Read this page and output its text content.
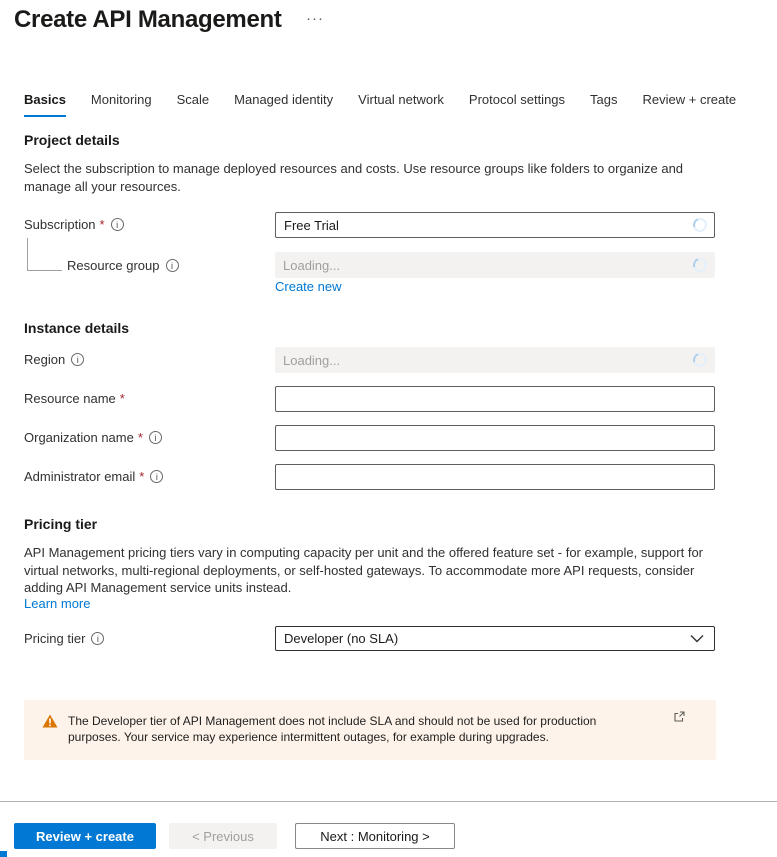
Create API Management ···
Basics Monitoring Scale Managed identity Virtual network Protocol settings Tags Review + create
Project details
Select the subscription to manage deployed resources and costs. Use resource groups like folders to organize and manage all your resources.
Subscription *	i
Free Trial
Resource group	i	Loading...
Create new
Instance details
Region	i	Loading...
Resource name *
Organization name *	i
Administrator email *	i
Pricing tier
API Management pricing tiers vary in computing capacity per unit and the offered feature set - for example, support for virtual networks, multi-regional deployments, or self-hosted gateways. To accommodate more API requests, consider adding API Management service units instead.
Learn more
Pricing tier	i	Developer (no SLA)
The Developer tier of API Management does not include SLA and should not be used for production purposes. Your service may experience intermittent outages, for example during upgrades.
Review + create	< Previous	Next : Monitoring >
